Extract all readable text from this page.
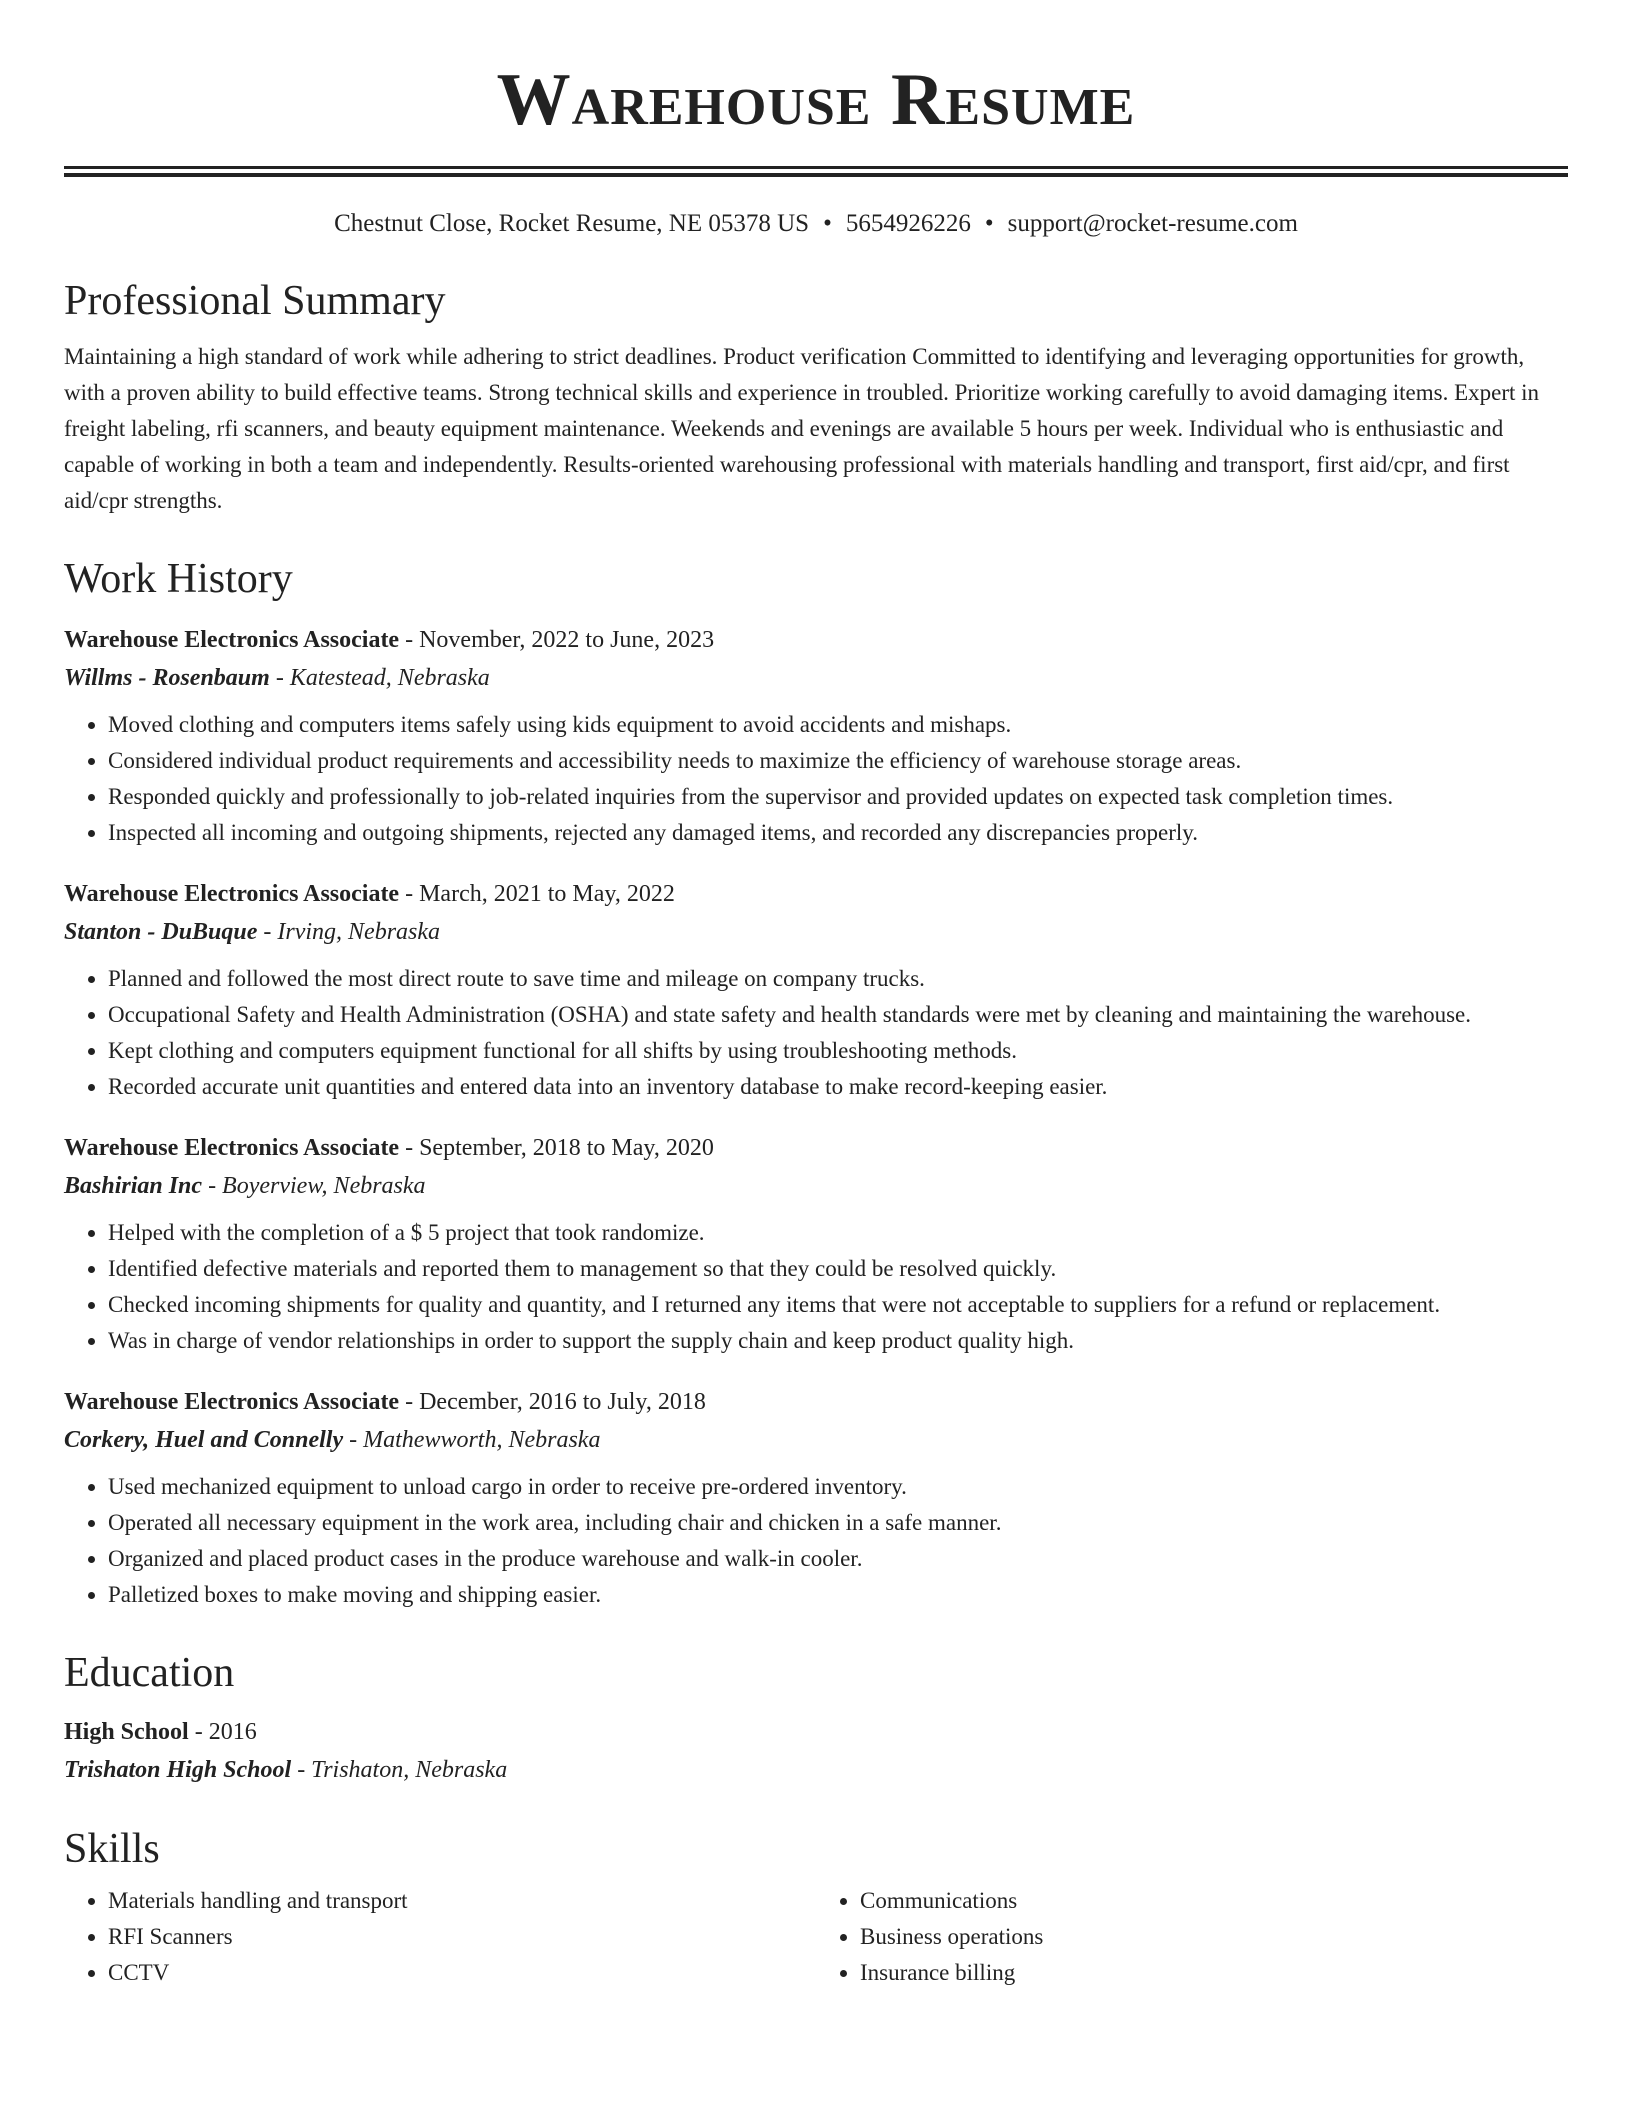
Warehouse Resume
Chestnut Close, Rocket Resume, NE 05378 US • 5654926226 • support@rocket-resume.com
Professional Summary

Maintaining a high standard of work while adhering to strict deadlines. Product verification Committed to identifying and leveraging opportunities for growth, with a proven ability to build effective teams. Strong technical skills and experience in troubled. Prioritize working carefully to avoid damaging items. Expert in freight labeling, rfi scanners, and beauty equipment maintenance. Weekends and evenings are available 5 hours per week. Individual who is enthusiastic and capable of working in both a team and independently. Results-oriented warehousing professional with materials handling and transport, first aid/cpr, and first aid/cpr strengths.

Work History
Warehouse Electronics Associate - November, 2022 to June, 2023
Willms - Rosenbaum - Katestead, Nebraska
• Moved clothing and computers items safely using kids equipment to avoid accidents and mishaps.
• Considered individual product requirements and accessibility needs to maximize the efficiency of warehouse storage areas.
• Responded quickly and professionally to job-related inquiries from the supervisor and provided updates on expected task completion times.
• Inspected all incoming and outgoing shipments, rejected any damaged items, and recorded any discrepancies properly.
Warehouse Electronics Associate - March, 2021 to May, 2022
Stanton - DuBuque - Irving, Nebraska
• Planned and followed the most direct route to save time and mileage on company trucks.
• Occupational Safety and Health Administration (OSHA) and state safety and health standards were met by cleaning and maintaining the warehouse.
• Kept clothing and computers equipment functional for all shifts by using troubleshooting methods.
• Recorded accurate unit quantities and entered data into an inventory database to make record-keeping easier.
Warehouse Electronics Associate - September, 2018 to May, 2020
Bashirian Inc - Boyerview, Nebraska
• Helped with the completion of a $ 5 project that took randomize.
• Identified defective materials and reported them to management so that they could be resolved quickly.
• Checked incoming shipments for quality and quantity, and I returned any items that were not acceptable to suppliers for a refund or replacement.
• Was in charge of vendor relationships in order to support the supply chain and keep product quality high.
Warehouse Electronics Associate - December, 2016 to July, 2018
Corkery, Huel and Connelly - Mathewworth, Nebraska
• Used mechanized equipment to unload cargo in order to receive pre-ordered inventory.
• Operated all necessary equipment in the work area, including chair and chicken in a safe manner.
• Organized and placed product cases in the produce warehouse and walk-in cooler.
• Palletized boxes to make moving and shipping easier.
Education
High School - 2016
Trishaton High School - Trishaton, Nebraska
Skills
• Materials handling and transport
• RFI Scanners
• CCTV
• Communications
• Business operations
• Insurance billing
